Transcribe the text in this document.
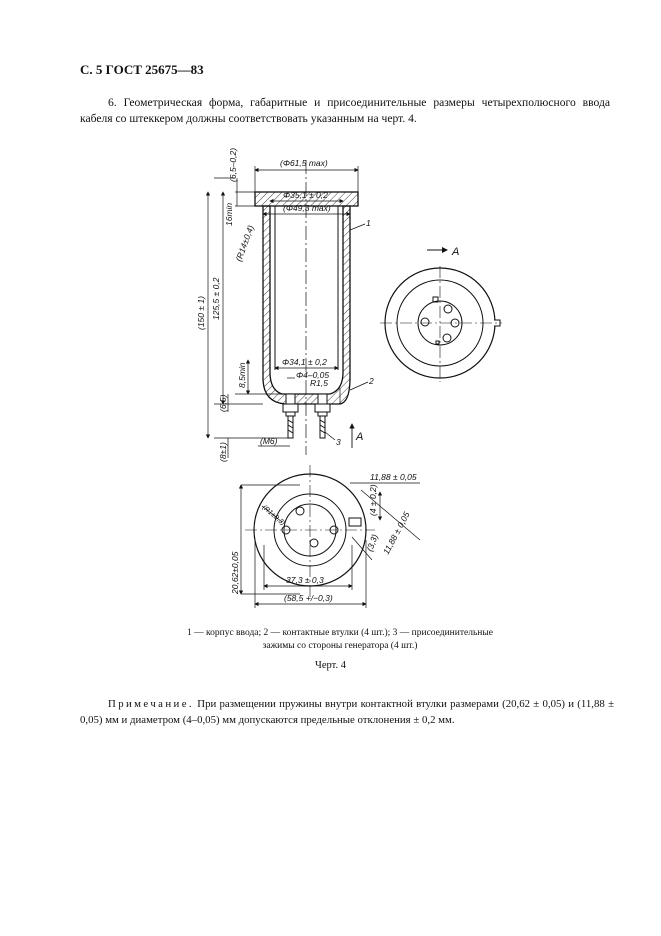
С. 5 ГОСТ 25675—83
6. Геометрическая форма, габаритные и присоединительные размеры четырехполюсного ввода кабеля со штеккером должны соответствовать указанным на черт. 4.
(Φ61,5 max)
(6,5–0,2)
Φ35,1 ± 0,2
(Φ49,3 max)
16min
(R14±0,4)
125,5 ± 0,2
(150 ± 1)
Φ34,1 ± 0,2
Φ4–0,05
R1,5
8,5min
(6,5)
(M6)
(8±1)
1
2
3 A
A
11,88 ± 0,05
(4 ± 0,2)
11,88 ± 0,05
(3,3)
20,62±0,05	37,3 ± 0,3
(58,5 +/−0,3)
(R1±0,3)
1 — корпус ввода; 2 — контактные втулки (4 шт.); 3 — присоединительные
зажимы со стороны генератора (4 шт.)
Черт. 4
Примечание. При размещении пружины внутри контактной втулки размерами (20,62 ± 0,05) и (11,88 ± 0,05) мм и диаметром (4–0,05) мм допускаются предельные отклонения ± 0,2 мм.
